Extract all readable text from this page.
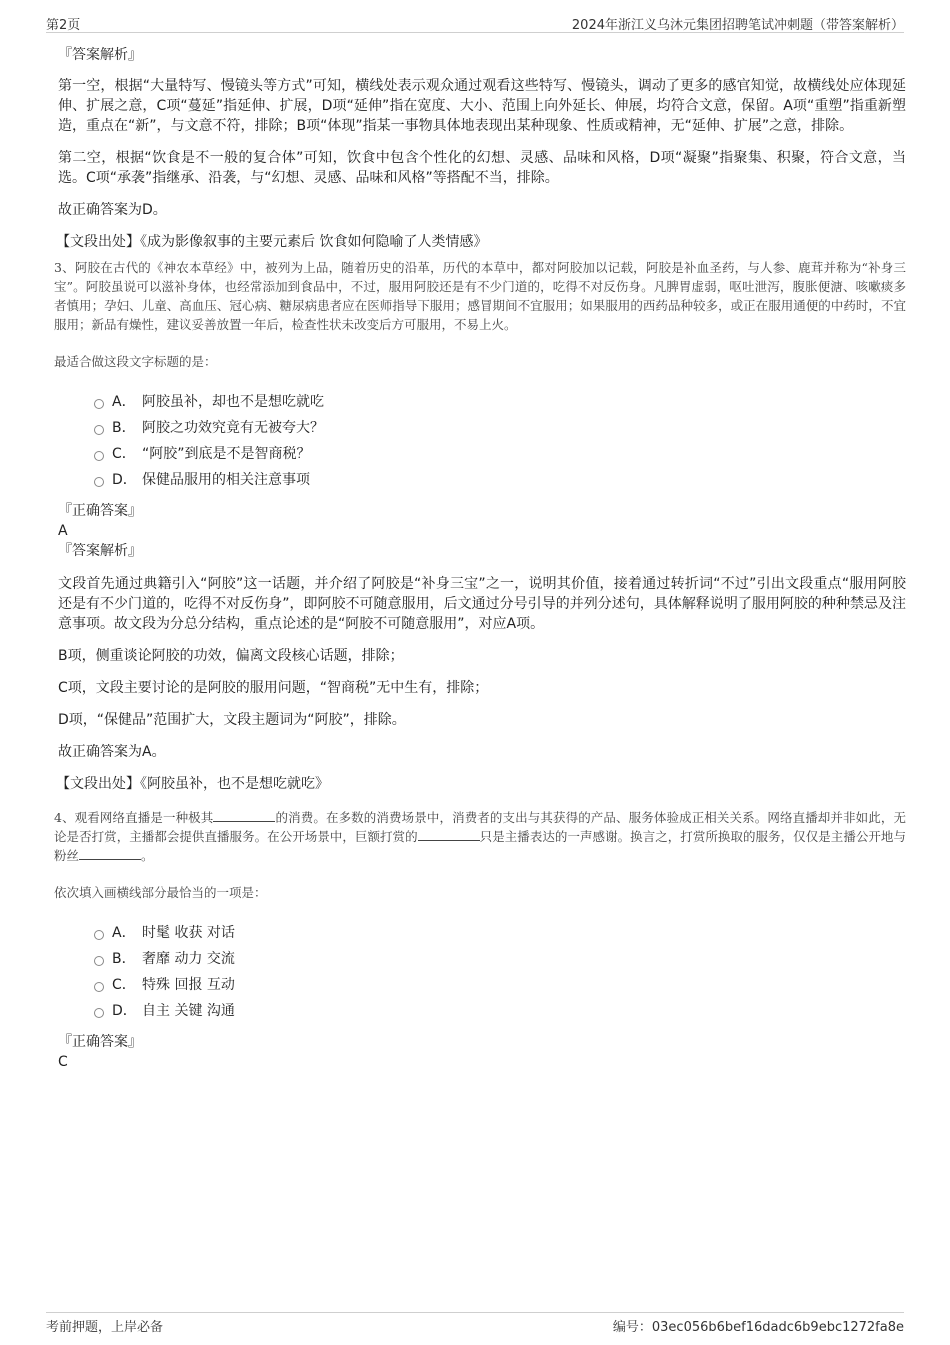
第2页	2024年浙江义乌沐元集团招聘笔试冲刺题（带答案解析）
『答案解析』

第一空，根据“大量特写、慢镜头等方式”可知，横线处表示观众通过观看这些特写、慢镜头，调动了更多的感官知觉，故横线处应体现延伸、扩展之意，C项“蔓延”指延伸、扩展，D项“延伸”指在宽度、大小、范围上向外延长、伸展，均符合文意，保留。A项“重塑”指重新塑造，重点在“新”，与文意不符，排除；B项“体现”指某一事物具体地表现出某种现象、性质或精神，无“延伸、扩展”之意，排除。

第二空，根据“饮食是不一般的复合体”可知，饮食中包含个性化的幻想、灵感、品味和风格，D项“凝聚”指聚集、积聚，符合文意，当选。C项“承袭”指继承、沿袭，与“幻想、灵感、品味和风格”等搭配不当，排除。

故正确答案为D。

【文段出处】《成为影像叙事的主要元素后 饮食如何隐喻了人类情感》

3、阿胶在古代的《神农本草经》中，被列为上品，随着历史的沿革，历代的本草中，都对阿胶加以记载，阿胶是补血圣药，与人参、鹿茸并称为“补身三宝”。阿胶虽说可以滋补身体，也经常添加到食品中，不过，服用阿胶还是有不少门道的，吃得不对反伤身。凡脾胃虚弱，呕吐泄泻，腹胀便溏、咳嗽痰多者慎用；孕妇、儿童、高血压、冠心病、糖尿病患者应在医师指导下服用；感冒期间不宜服用；如果服用的西药品种较多，或正在服用通便的中药时，不宜服用；新品有燥性，建议妥善放置一年后，检查性状未改变后方可服用，不易上火。

最适合做这段文字标题的是：
A． 阿胶虽补，却也不是想吃就吃
B． 阿胶之功效究竟有无被夸大？
C． “阿胶”到底是不是智商税？
D． 保健品服用的相关注意事项
『正确答案』
A
『答案解析』

文段首先通过典籍引入“阿胶”这一话题，并介绍了阿胶是“补身三宝”之一，说明其价值，接着通过转折词“不过”引出文段重点“服用阿胶还是有不少门道的，吃得不对反伤身”，即阿胶不可随意服用，后文通过分号引导的并列分述句，具体解释说明了服用阿胶的种种禁忌及注意事项。故文段为分总分结构，重点论述的是“阿胶不可随意服用”，对应A项。

B项，侧重谈论阿胶的功效，偏离文段核心话题，排除；

C项，文段主要讨论的是阿胶的服用问题，“智商税”无中生有，排除；

D项，“保健品”范围扩大，文段主题词为“阿胶”，排除。

故正确答案为A。

【文段出处】《阿胶虽补，也不是想吃就吃》

4、观看网络直播是一种极其	的消费。在多数的消费场景中，消费者的支出与其获得的产品、服务体验成正相关关系。网络直播却并非如此，无论是否打赏，主播都会提供直播服务。在公开场景中，巨额打赏的	只是主播表达的一声感谢。换言之，打赏所换取的服务，仅仅是主播公开地与粉丝	。

依次填入画横线部分最恰当的一项是：
A． 时髦 收获 对话
B． 奢靡 动力 交流
C． 特殊 回报 互动
D． 自主 关键 沟通
『正确答案』
C
考前押题，上岸必备	编号：03ec056b6bef16dadc6b9ebc1272fa8e
